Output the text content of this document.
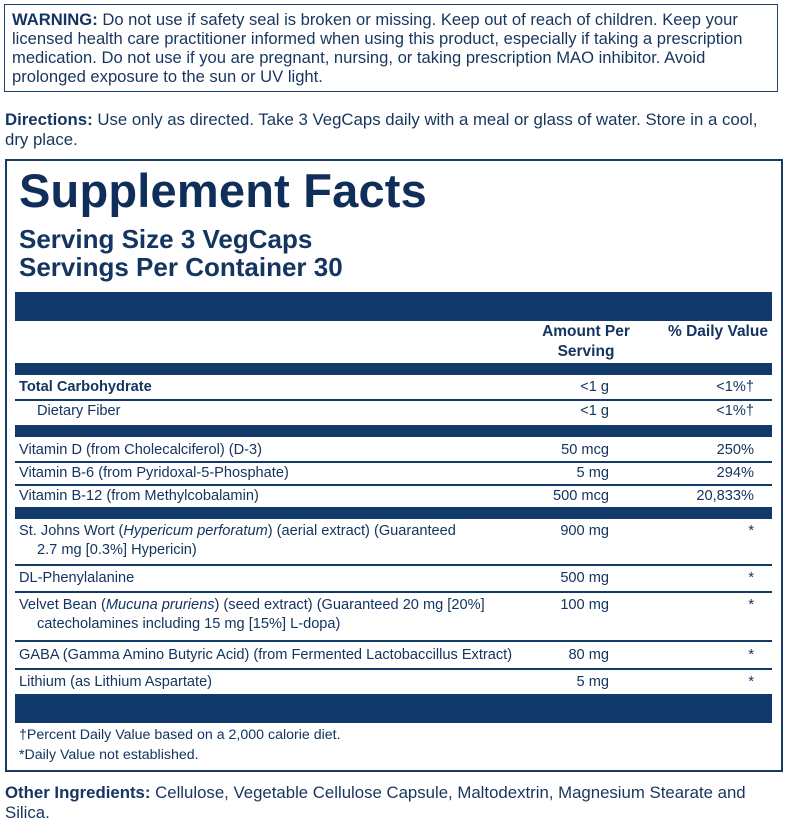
WARNING: Do not use if safety seal is broken or missing. Keep out of reach of children. Keep your licensed health care practitioner informed when using this product, especially if taking a prescription medication. Do not use if you are pregnant, nursing, or taking prescription MAO inhibitor. Avoid prolonged exposure to the sun or UV light.
Directions: Use only as directed. Take 3 VegCaps daily with a meal or glass of water. Store in a cool, dry place.
Supplement Facts
Serving Size 3 VegCaps
Servings Per Container 30
Amount Per Serving
% Daily Value
Total Carbohydrate	<1 g	<1%†
Dietary Fiber	<1 g	<1%†
Vitamin D (from Cholecalciferol) (D-3)	50 mcg	250%
Vitamin B-6 (from Pyridoxal-5-Phosphate)	5 mg	294%
Vitamin B-12 (from Methylcobalamin)	500 mcg	20,833%
St. Johns Wort (Hypericum perforatum) (aerial extract) (Guaranteed
2.7 mg [0.3%] Hypericin)
900 mg	*
DL-Phenylalanine	500 mg	*
Velvet Bean (Mucuna pruriens) (seed extract) (Guaranteed 20 mg [20%]
catecholamines including 15 mg [15%] L-dopa)
100 mg	*
GABA (Gamma Amino Butyric Acid) (from Fermented Lactobaccillus Extract)	80 mg	*
Lithium (as Lithium Aspartate)	5 mg	*
†Percent Daily Value based on a 2,000 calorie diet.
*Daily Value not established.
Other Ingredients: Cellulose, Vegetable Cellulose Capsule, Maltodextrin, Magnesium Stearate and Silica.
